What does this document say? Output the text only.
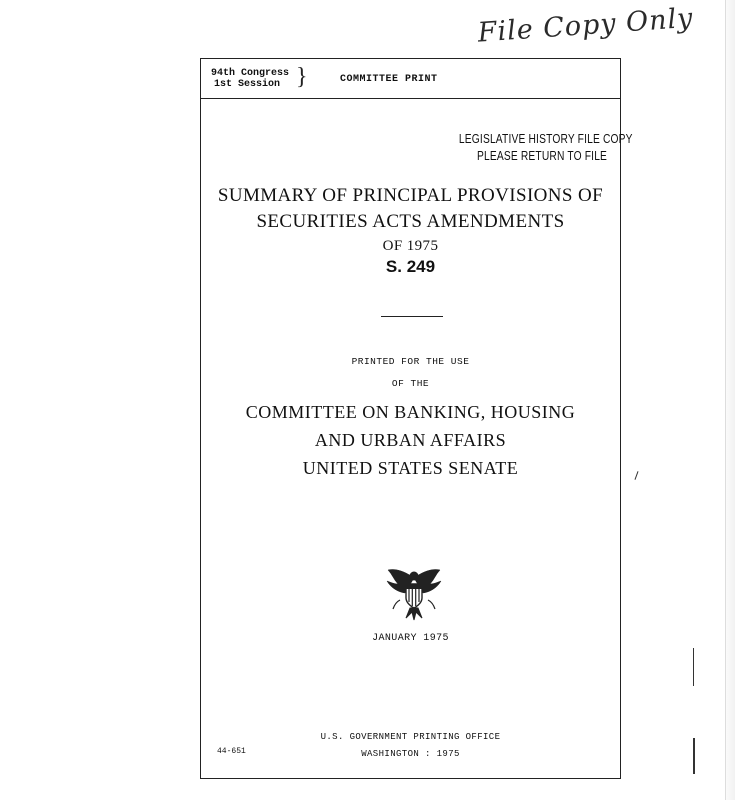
File Copy Only
94th Congress
1st Session }	COMMITTEE PRINT
LEGISLATIVE HISTORY FILE COPY
PLEASE RETURN TO FILE
SUMMARY OF PRINCIPAL PROVISIONS OF
SECURITIES ACTS AMENDMENTS
OF 1975
S. 249
PRINTED FOR THE USE
OF THE
COMMITTEE ON BANKING, HOUSING
AND URBAN AFFAIRS
UNITED STATES SENATE
JANUARY 1975
U.S. GOVERNMENT PRINTING OFFICE
WASHINGTON : 1975
44-651
